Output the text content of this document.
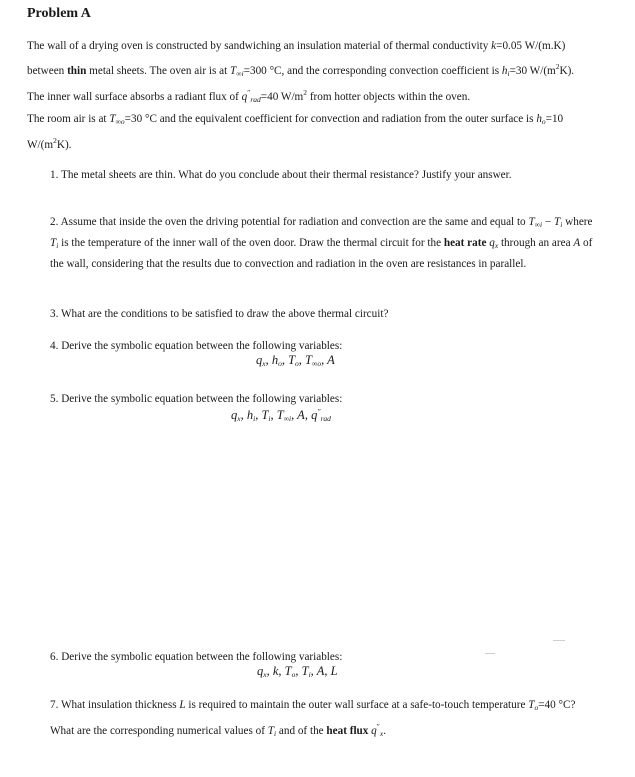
Problem A
The wall of a drying oven is constructed by sandwiching an insulation material of thermal conductivity k=0.05 W/(m.K) between thin metal sheets. The oven air is at $T_{\infty i}=300$ °C, and the corresponding convection coefficient is $h_i=30$ $W/(m^2K)$. The inner wall surface absorbs a radiant flux of $q''_{rad}=40$ $W/m^2$ from hotter objects within the oven.
The room air is at $T_{\infty o}=30$ °C and the equivalent coefficient for convection and radiation from the outer surface is $h_o=10$ $W/(m^2K)$.
1. The metal sheets are thin. What do you conclude about their thermal resistance? Justify your answer.
2. Assume that inside the oven the driving potential for radiation and convection are the same and equal to $T_{\infty i} - T_i$ where $T_i$ is the temperature of the inner wall of the oven door. Draw the thermal circuit for the heat rate $q_x$ through an area A of the wall, considering that the results due to convection and radiation in the oven are resistances in parallel.
3. What are the conditions to be satisfied to draw the above thermal circuit?
4. Derive the symbolic equation between the following variables:
$q_x$, $h_o$, $T_o$, $T_{\infty o}$, A
5. Derive the symbolic equation between the following variables:
$q_x$, $h_i$, $T_i$, $T_{\infty i}$, A, $q''_{rad}$
6. Derive the symbolic equation between the following variables:
$q_x$, k, $T_o$, $T_i$, A, L
7. What insulation thickness L is required to maintain the outer wall surface at a safe-to-touch temperature $T_o=40$ °C? What are the corresponding numerical values of $T_i$ and of the heat flux $q''_x$.
